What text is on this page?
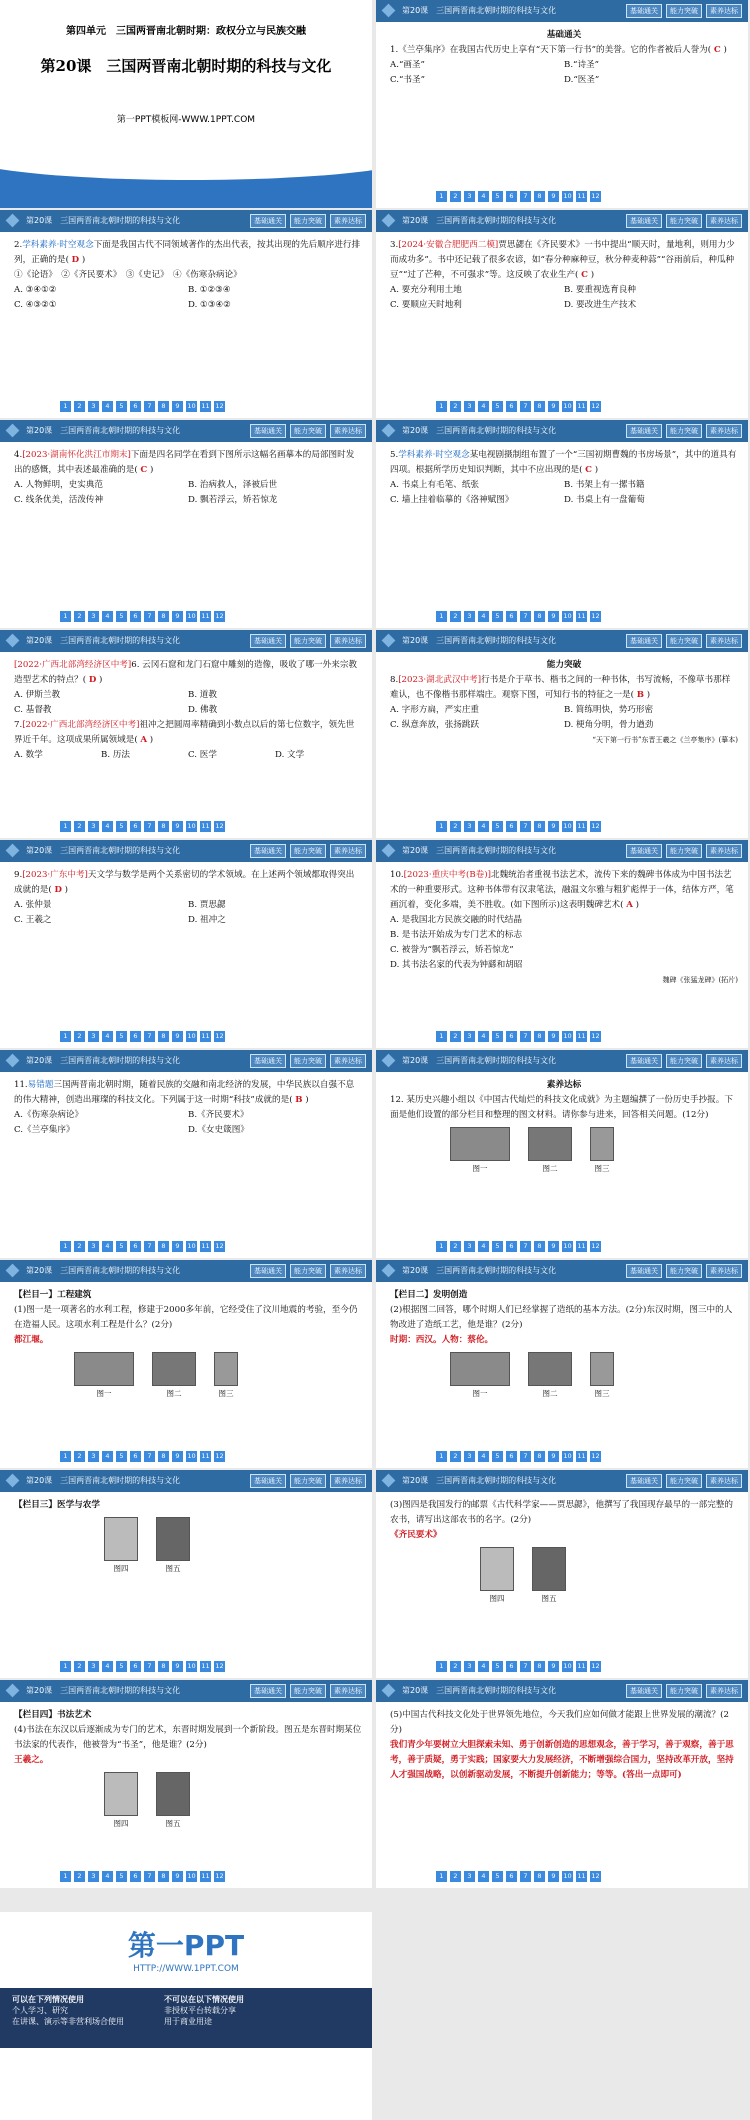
第四单元　三国两晋南北朝时期：政权分立与民族交融
第20课　三国两晋南北朝时期的科技与文化
第一PPT模板网-WWW.1PPT.COM
第20课　三国两晋南北朝时期的科技与文化	基础通关	能力突破	素养达标

基础通关

1.《兰亭集序》在我国古代历史上享有“天下第一行书”的美誉。它的作者被后人誉为( C )

A.“画圣”	B.“诗圣”
C.“书圣”	D.“医圣”
1	2	3	4	5	6	7	8	9	10 11 12
第20课　三国两晋南北朝时期的科技与文化	基础通关	能力突破	素养达标

2.学科素养·时空观念下面是我国古代不同领域著作的杰出代表，按其出现的先后顺序进行排列，正确的是( D )

①《论语》　②《齐民要术》　③《史记》　④《伤寒杂病论》

A. ③④①②	B. ①②③④
C. ④③②①	D. ①③④②
1	2	3	4	5	6	7	8	9	10 11 12
第20课　三国两晋南北朝时期的科技与文化	基础通关	能力突破	素养达标

3.[2024·安徽合肥肥西二模]贾思勰在《齐民要术》一书中提出“顺天时，量地利，则用力少而成功多”。书中还记载了很多农谚，如“春分种麻种豆，秋分种麦种蒜”“谷雨前后，种瓜种豆”“过了芒种，不可强求”等。这反映了农业生产( C )

A. 要充分利用土地	B. 要重视选育良种
C. 要顺应天时地利	D. 要改进生产技术
1	2	3	4	5	6	7	8	9	10 11 12
第20课　三国两晋南北朝时期的科技与文化	基础通关	能力突破	素养达标

4.[2023·湖南怀化洪江市期末]下面是四名同学在看到下图所示这幅名画摹本的局部图时发出的感慨，其中表述最准确的是( C )

A. 人物鲜明，史实典范	B. 治病救人，泽被后世
C. 线条优美，活泼传神	D. 飘若浮云，矫若惊龙
1	2	3	4	5	6	7	8	9	10 11 12
第20课　三国两晋南北朝时期的科技与文化	基础通关	能力突破	素养达标

5.学科素养·时空观念某电视剧摄制组布置了一个“三国初期曹魏的书房场景”，其中的道具有四项。根据所学历史知识判断，其中不应出现的是( C )

A. 书桌上有毛笔、纸张	B. 书架上有一摞书籍
C. 墙上挂着临摹的《洛神赋图》	D. 书桌上有一盘葡萄
1	2	3	4	5	6	7	8	9	10 11 12
第20课　三国两晋南北朝时期的科技与文化	基础通关	能力突破	素养达标

[2022·广西北部湾经济区中考]6. 云冈石窟和龙门石窟中雕刻的造像，吸收了哪一外来宗教造型艺术的特点？( D )

A. 伊斯兰教	B. 道教
C. 基督教	D. 佛教

7.[2022·广西北部湾经济区中考]祖冲之把圆周率精确到小数点以后的第七位数字，领先世界近千年。这项成果所属领域是( A )

A. 数学	B. 历法	C. 医学	D. 文学
1	2	3	4	5	6	7	8	9	10 11 12
第20课　三国两晋南北朝时期的科技与文化	基础通关	能力突破	素养达标

能力突破

8.[2023·湖北武汉中考]行书是介于草书、楷书之间的一种书体，书写流畅，不像草书那样难认，也不像楷书那样端庄。观察下图，可知行书的特征之一是( B )

A. 字形方扁，严实庄重	B. 简练明快，势巧形密
C. 纵意奔放，张扬跳跃	D. 梗角分明，骨力遒劲

“天下第一行书”东晋王羲之《兰亭集序》(摹本)

1	2	3	4	5	6	7	8	9	10 11 12
第20课　三国两晋南北朝时期的科技与文化	基础通关	能力突破	素养达标

9.[2023·广东中考]天文学与数学是两个关系密切的学术领域。在上述两个领域都取得突出成就的是( D )

A. 张仲景	B. 贾思勰
C. 王羲之	D. 祖冲之
1	2	3	4	5	6	7	8	9	10 11 12
第20课　三国两晋南北朝时期的科技与文化	基础通关	能力突破	素养达标

10.[2023·重庆中考(B卷)]北魏统治者重视书法艺术，流传下来的魏碑书体成为中国书法艺术的一种重要形式。这种书体带有汉隶笔法，融温文尔雅与粗犷彪悍于一体，结体方严，笔画沉着，变化多端，美不胜收。(如下图所示)这表明魏碑艺术( A )

A. 是我国北方民族交融的时代结晶

B. 是书法开始成为专门艺术的标志

C. 被誉为“飘若浮云，矫若惊龙”

D. 其书法名家的代表为钟繇和胡昭

魏碑《张猛龙碑》(拓片)

1	2	3	4	5	6	7	8	9	10 11 12
第20课　三国两晋南北朝时期的科技与文化	基础通关	能力突破	素养达标

11.易错题三国两晋南北朝时期，随着民族的交融和南北经济的发展，中华民族以自强不息的伟大精神，创造出璀璨的科技文化。下列属于这一时期“科技”成就的是( B )

A.《伤寒杂病论》	B.《齐民要术》
C.《兰亭集序》	D.《女史箴图》
1	2	3	4	5	6	7	8	9	10 11 12
第20课　三国两晋南北朝时期的科技与文化	基础通关	能力突破	素养达标

素养达标

12. 某历史兴趣小组以《中国古代灿烂的科技文化成就》为主题编撰了一份历史手抄报。下面是他们设置的部分栏目和整理的图文材料。请你参与进来，回答相关问题。(12分)

图一	图二	图三
1	2	3	4	5	6	7	8	9	10 11 12
第20课　三国两晋南北朝时期的科技与文化	基础通关	能力突破	素养达标

【栏目一】工程建筑

(1)图一是一项著名的水利工程，修建于2000多年前，它经受住了汶川地震的考验，至今仍在造福人民。这项水利工程是什么？(2分)

都江堰。

图一	图二	图三
1	2	3	4	5	6	7	8	9	10 11 12
第20课　三国两晋南北朝时期的科技与文化	基础通关	能力突破	素养达标

【栏目二】发明创造

(2)根据图二回答，哪个时期人们已经掌握了造纸的基本方法。(2分)东汉时期，图三中的人物改进了造纸工艺，他是谁？(2分)

时期：西汉。人物：蔡伦。

图一	图二	图三
1	2	3	4	5	6	7	8	9	10 11 12
第20课　三国两晋南北朝时期的科技与文化	基础通关	能力突破	素养达标

【栏目三】医学与农学

图四	图五
1	2	3	4	5	6	7	8	9	10 11 12
第20课　三国两晋南北朝时期的科技与文化	基础通关	能力突破	素养达标

(3)图四是我国发行的邮票《古代科学家——贾思勰》，他撰写了我国现存最早的一部完整的农书，请写出这部农书的名字。(2分)

《齐民要术》

图四	图五
1	2	3	4	5	6	7	8	9	10 11 12
第20课　三国两晋南北朝时期的科技与文化	基础通关	能力突破	素养达标

【栏目四】书法艺术

(4)书法在东汉以后逐渐成为专门的艺术，东晋时期发展到一个新阶段。图五是东晋时期某位书法家的代表作，他被誉为“书圣”，他是谁？(2分)

王羲之。

图四	图五
1	2	3	4	5	6	7	8	9	10 11 12
第20课　三国两晋南北朝时期的科技与文化	基础通关	能力突破	素养达标

(5)中国古代科技文化处于世界领先地位，今天我们应如何做才能跟上世界发展的潮流？(2分)

我们青少年要树立大胆探索未知、勇于创新创造的思想观念，善于学习，善于观察，善于思考，善于质疑，勇于实践；国家要大力发展经济，不断增强综合国力，坚持改革开放，坚持人才强国战略，以创新驱动发展，不断提升创新能力；等等。(答出一点即可)

1	2	3	4	5	6	7	8	9	10 11 12
第一PPT
HTTP://WWW.1PPT.COM
可以在下列情况使用
个人学习、研究
在讲课、演示等非营利场合使用
不可以在以下情况使用
非授权平台转载分享
用于商业用途
